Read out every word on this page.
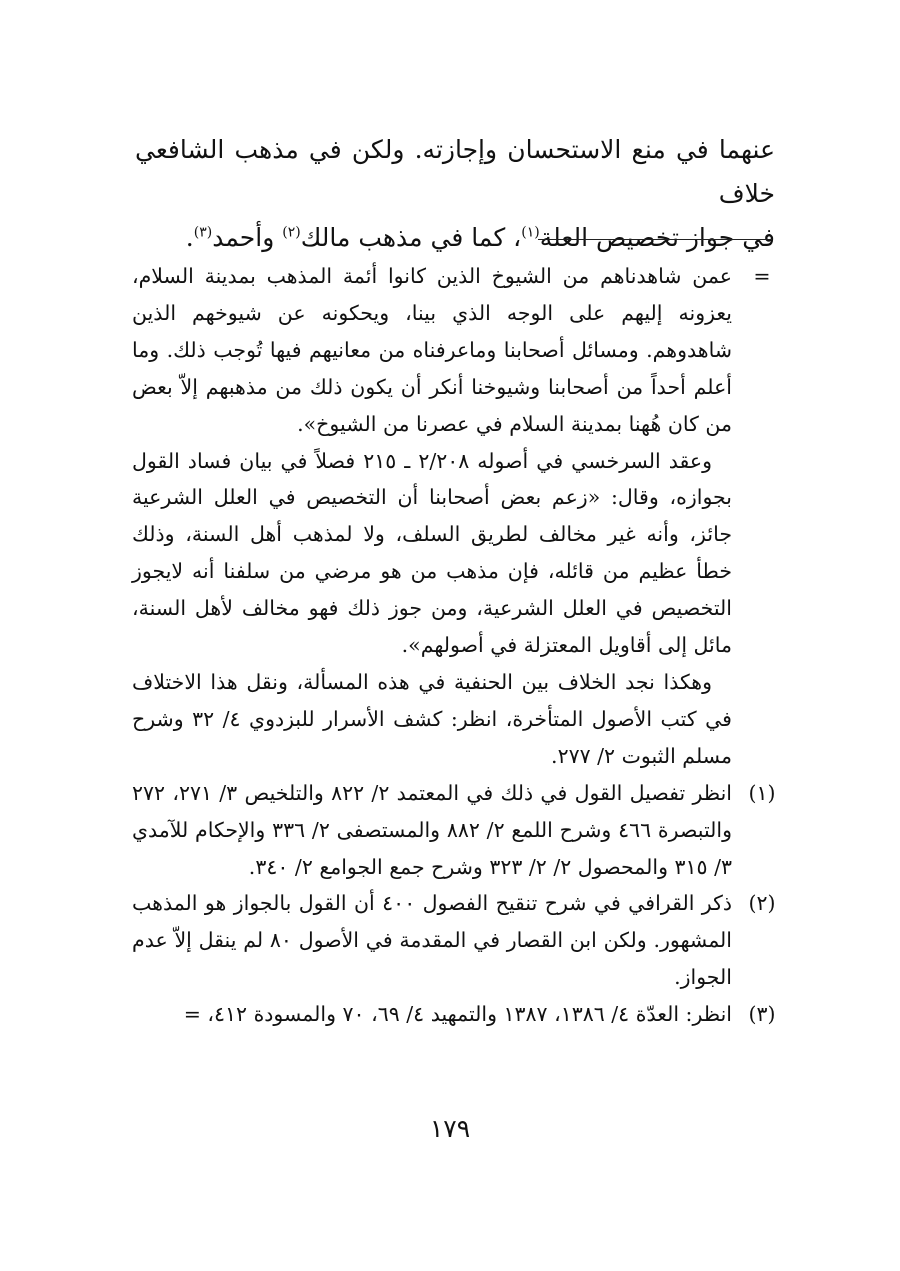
عنهما في منع الاستحسان وإجازته. ولكن في مذهب الشافعي خلاف

في جواز تخصيص العلة$^{(١)}$، كما في مذهب مالك$^{(٢)}$ وأحمد$^{(٣)}$.

=

عمن شاهدناهم من الشيوخ الذين كانوا أئمة المذهب بمدينة السلام، يعزونه إليهم على الوجه الذي بينا، ويحكونه عن شيوخهم الذين شاهدوهم. ومسائل أصحابنا وماعرفناه من معانيهم فيها تُوجب ذلك. وما أعلم أحداً من أصحابنا وشيوخنا أنكر أن يكون ذلك من مذهبهم إلاّ بعض من كان هُهنا بمدينة السلام في عصرنا من الشيوخ».

وعقد السرخسي في أصوله ٢/٢٠٨ ـ ٢١٥ فصلاً في بيان فساد القول بجوازه، وقال: «زعم بعض أصحابنا أن التخصيص في العلل الشرعية جائز، وأنه غير مخالف لطريق السلف، ولا لمذهب أهل السنة، وذلك خطأ عظيم من قائله، فإن مذهب من هو مرضي من سلفنا أنه لايجوز التخصيص في العلل الشرعية، ومن جوز ذلك فهو مخالف لأهل السنة، مائل إلى أقاويل المعتزلة في أصولهم».

وهكذا نجد الخلاف بين الحنفية في هذه المسألة، ونقل هذا الاختلاف في كتب الأصول المتأخرة، انظر: كشف الأسرار للبزدوي ٤/ ٣٢ وشرح مسلم الثبوت ٢/ ٢٧٧.

(١)

انظر تفصيل القول في ذلك في المعتمد ٢/ ٨٢٢ والتلخيص ٣/ ٢٧١، ٢٧٢ والتبصرة ٤٦٦ وشرح اللمع ٢/ ٨٨٢ والمستصفى ٢/ ٣٣٦ والإحكام للآمدي ٣/ ٣١٥ والمحصول ٢/ ٢/ ٣٢٣ وشرح جمع الجوامع ٢/ ٣٤٠.

(٢)

ذكر القرافي في شرح تنقيح الفصول ٤٠٠ أن القول بالجواز هو المذهب المشهور. ولكن ابن القصار في المقدمة في الأصول ٨٠ لم ينقل إلاّ عدم الجواز.

(٣)

انظر: العدّة ٤/ ١٣٨٦، ١٣٨٧ والتمهيد ٤/ ٦٩، ٧٠ والمسودة ٤١٢، =

١٧٩
